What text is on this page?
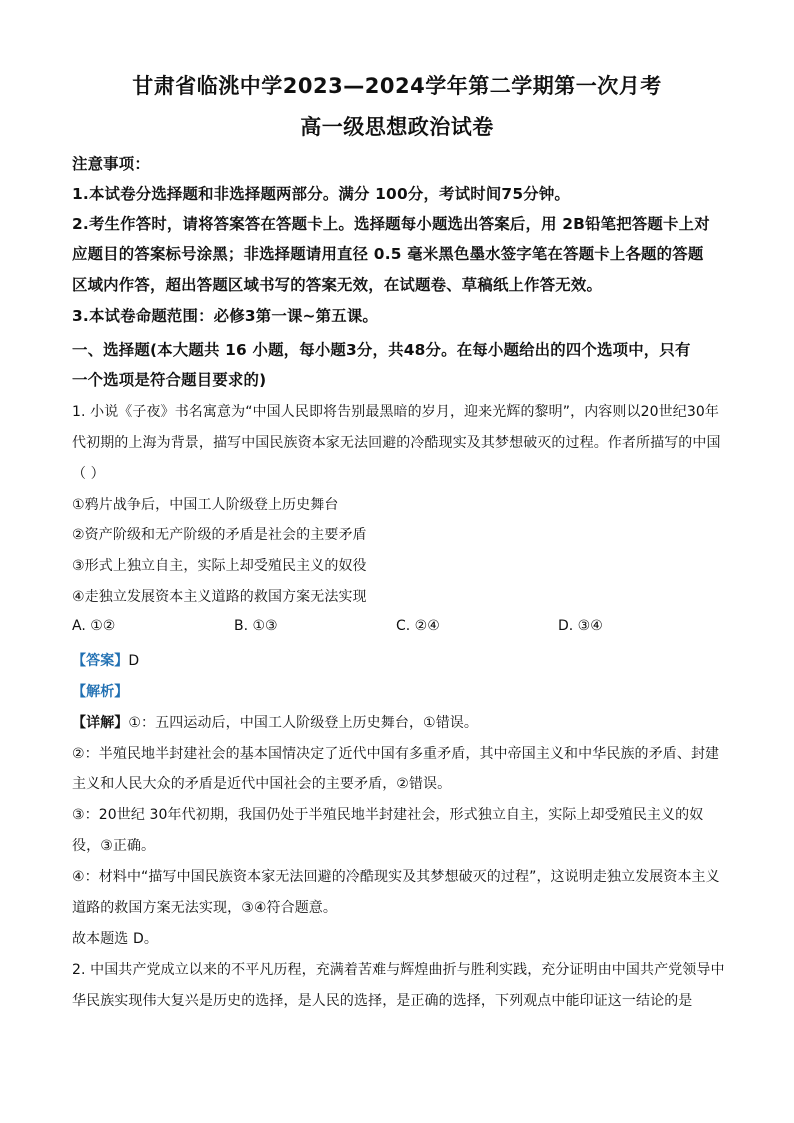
甘肃省临洮中学2023—2024学年第二学期第一次月考
高一级思想政治试卷
注意事项：
1.本试卷分选择题和非选择题两部分。满分 100分，考试时间75分钟。
2.考生作答时，请将答案答在答题卡上。选择题每小题选出答案后，用 2B铅笔把答题卡上对
应题目的答案标号涂黑；非选择题请用直径 0.5 毫米黑色墨水签字笔在答题卡上各题的答题
区域内作答，超出答题区域书写的答案无效，在试题卷、草稿纸上作答无效。
3.本试卷命题范围：必修3第一课~第五课。
一、选择题(本大题共 16 小题，每小题3分，共48分。在每小题给出的四个选项中，只有
一个选项是符合题目要求的)
1. 小说《子夜》书名寓意为“中国人民即将告别最黑暗的岁月，迎来光辉的黎明”，内容则以20世纪30年
代初期的上海为背景，描写中国民族资本家无法回避的冷酷现实及其梦想破灭的过程。作者所描写的中国
（ ）
①鸦片战争后，中国工人阶级登上历史舞台
②资产阶级和无产阶级的矛盾是社会的主要矛盾
③形式上独立自主，实际上却受殖民主义的奴役
④走独立发展资本主义道路的救国方案无法实现
A. ①②	B. ①③	C. ②④	D. ③④
【答案】D
【解析】
【详解】①：五四运动后，中国工人阶级登上历史舞台，①错误。
②：半殖民地半封建社会的基本国情决定了近代中国有多重矛盾，其中帝国主义和中华民族的矛盾、封建
主义和人民大众的矛盾是近代中国社会的主要矛盾，②错误。
③：20世纪 30年代初期，我国仍处于半殖民地半封建社会，形式独立自主，实际上却受殖民主义的奴
役，③正确。
④：材料中“描写中国民族资本家无法回避的冷酷现实及其梦想破灭的过程”，这说明走独立发展资本主义
道路的救国方案无法实现，③④符合题意。
故本题选 D。
2. 中国共产党成立以来的不平凡历程，充满着苦难与辉煌曲折与胜利实践，充分证明由中国共产党领导中
华民族实现伟大复兴是历史的选择，是人民的选择，是正确的选择，下列观点中能印证这一结论的是
